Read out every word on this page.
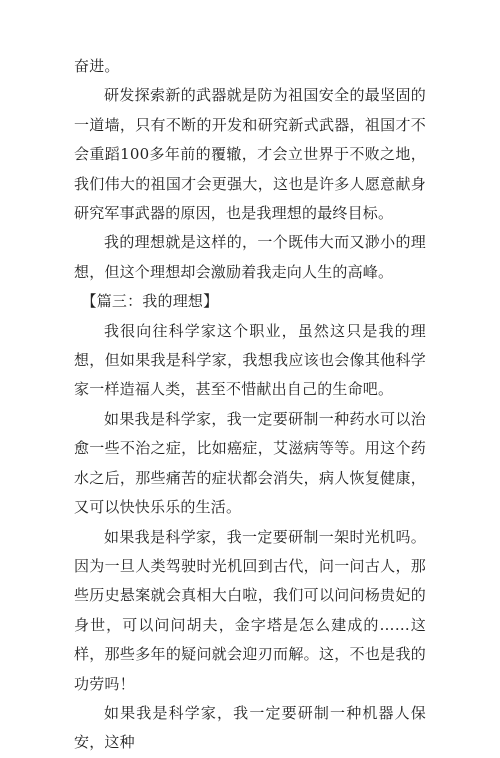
奋进。

研发探索新的武器就是防为祖国安全的最坚固的一道墙，只有不断的开发和研究新式武器，祖国才不会重蹈100多年前的覆辙，才会立世界于不败之地，我们伟大的祖国才会更强大，这也是许多人愿意献身研究军事武器的原因，也是我理想的最终目标。

我的理想就是这样的，一个既伟大而又渺小的理想，但这个理想却会激励着我走向人生的高峰。

【篇三：我的理想】

我很向往科学家这个职业，虽然这只是我的理想，但如果我是科学家，我想我应该也会像其他科学家一样造福人类，甚至不惜献出自己的生命吧。

如果我是科学家，我一定要研制一种药水可以治愈一些不治之症，比如癌症，艾滋病等等。用这个药水之后，那些痛苦的症状都会消失，病人恢复健康，又可以快快乐乐的生活。

如果我是科学家，我一定要研制一架时光机吗。因为一旦人类驾驶时光机回到古代，问一问古人，那些历史悬案就会真相大白啦，我们可以问问杨贵妃的身世，可以问问胡夫，金字塔是怎么建成的……这样，那些多年的疑问就会迎刃而解。这，不也是我的功劳吗！

如果我是科学家，我一定要研制一种机器人保安，这种
